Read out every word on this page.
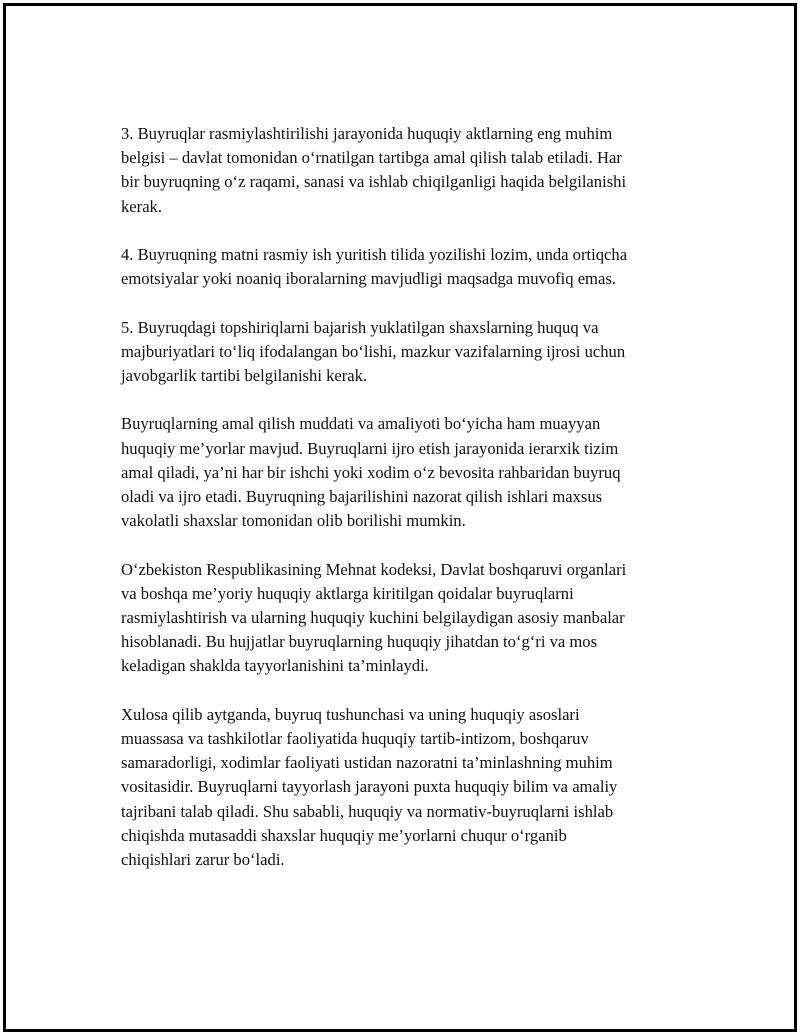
3. Buyruqlar rasmiylashtirilishi jarayonida huquqiy aktlarning eng muhim
belgisi – davlat tomonidan o‘rnatilgan tartibga amal qilish talab etiladi. Har
bir buyruqning o‘z raqami, sanasi va ishlab chiqilganligi haqida belgilanishi
kerak.

4. Buyruqning matni rasmiy ish yuritish tilida yozilishi lozim, unda ortiqcha
emotsiyalar yoki noaniq iboralarning mavjudligi maqsadga muvofiq emas.

5. Buyruqdagi topshiriqlarni bajarish yuklatilgan shaxslarning huquq va
majburiyatlari to‘liq ifodalangan bo‘lishi, mazkur vazifalarning ijrosi uchun
javobgarlik tartibi belgilanishi kerak.

Buyruqlarning amal qilish muddati va amaliyoti bo‘yicha ham muayyan
huquqiy me’yorlar mavjud. Buyruqlarni ijro etish jarayonida ierarxik tizim
amal qiladi, ya’ni har bir ishchi yoki xodim o‘z bevosita rahbaridan buyruq
oladi va ijro etadi. Buyruqning bajarilishini nazorat qilish ishlari maxsus
vakolatli shaxslar tomonidan olib borilishi mumkin.

O‘zbekiston Respublikasining Mehnat kodeksi, Davlat boshqaruvi organlari
va boshqa me’yoriy huquqiy aktlarga kiritilgan qoidalar buyruqlarni
rasmiylashtirish va ularning huquqiy kuchini belgilaydigan asosiy manbalar
hisoblanadi. Bu hujjatlar buyruqlarning huquqiy jihatdan to‘g‘ri va mos
keladigan shaklda tayyorlanishini ta’minlaydi.

Xulosa qilib aytganda, buyruq tushunchasi va uning huquqiy asoslari
muassasa va tashkilotlar faoliyatida huquqiy tartib-intizom, boshqaruv
samaradorligi, xodimlar faoliyati ustidan nazoratni ta’minlashning muhim
vositasidir. Buyruqlarni tayyorlash jarayoni puxta huquqiy bilim va amaliy
tajribani talab qiladi. Shu sababli, huquqiy va normativ-buyruqlarni ishlab
chiqishda mutasaddi shaxslar huquqiy me’yorlarni chuqur o‘rganib
chiqishlari zarur bo‘ladi.
